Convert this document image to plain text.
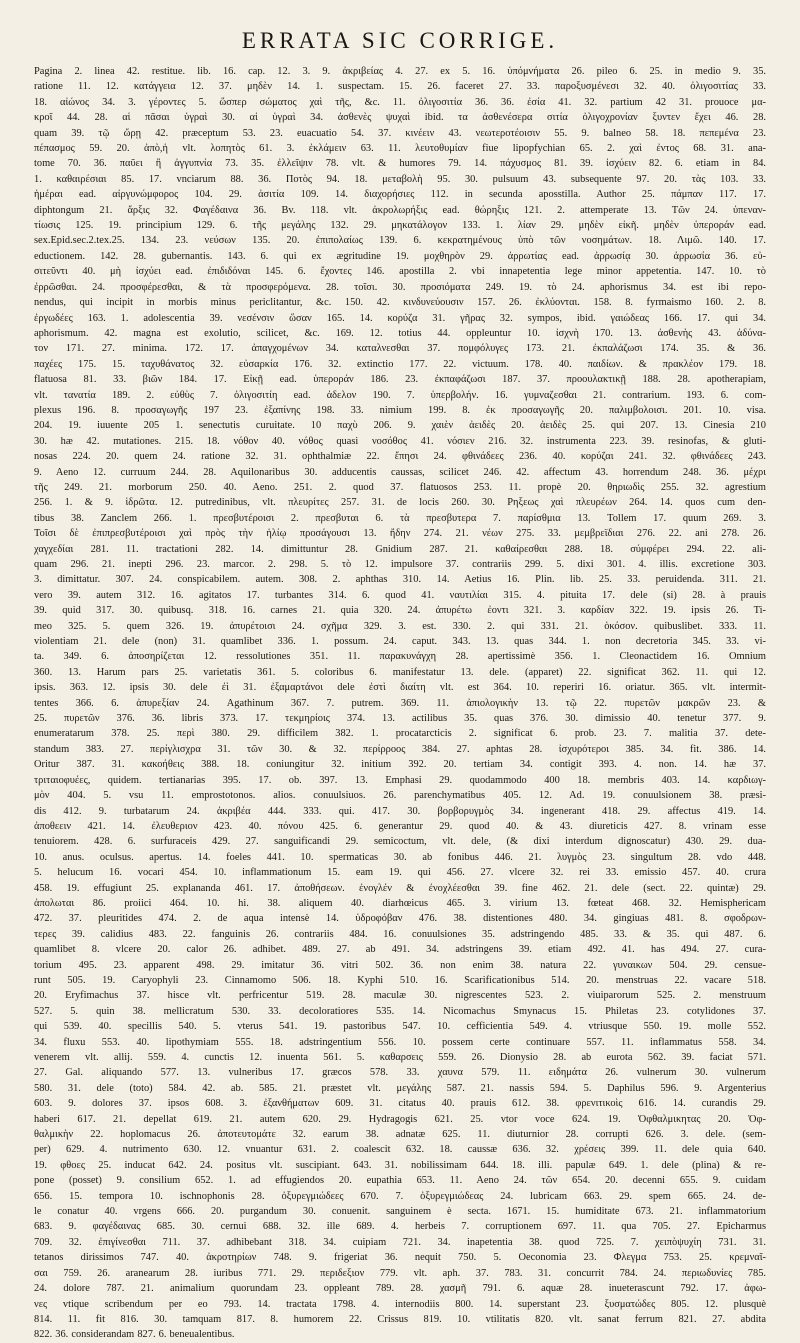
ERRATA SIC CORRIGE.

Pagina 2. linea 42. restitue. lib. 16. cap. 12. 3. 9. ἀκριβείας 4. 27. ex 5. 16. ὑπόμνήματα 26. pileo 6. 25. in medio 9. 35.

ratione 11. 12. κατάγγεια 12. 37. μηδὲν 14. 1. suspectam. 15. 26. faceret 27. 33. παροξυσμένεσι 32. 40. ὀλιγοσιτίας 33.

18. αἰώνος 34. 3. γέροντες 5. ὥσπερ σώματος χαὶ τῆς, &c. 11. ὀλιγοσιτία 36. 36. ἐσία 41. 32. partium 42 31. prouoce μα-

κροῖ 44. 28. αἱ πᾶσαι ὑγραὶ 30. αἱ ὑγραὶ 34. ἀσθενὲς ψυχαὶ ibid. τα ἀσθενέσερα σιτία ὀλιγοχρονίαν ξυντεν ἔχει 46. 28.

quam 39. τῷ ὤρῃ 42. præceptum 53. 23. euacuatio 54. 37. κινέειν 43. νεωτεροτέοισιν 55. 9. balneo 58. 18. πεπεμένα 23.

πέπασμος 59. 20. ἀπὸ,ἡ vlt. λοπητὸς 61. 3. ἐκλάμειν 63. 11. λευτοθυμίαν fiue lipopfychian 65. 2. χαὶ ἐντος 68. 31. ana-

tome 70. 36. παῦει ἢ ἀγγυπνία 73. 35. ἐλλεῖψιν 78. vlt. & humores 79. 14. πάχυσμος 81. 39. ἰσχύειν 82. 6. etiam in 84.

1. καθαιρέσιαι 85. 17. vnciarum 88. 36. Ποτὸς 94. 18. μεταβολὴ 95. 30. pulsuum 43. subsequente 97. 20. τὰς 103. 33.

ἡμέραι ead. αἰργυνώμφορος 104. 29. ἀσιτία 109. 14. διαχορήσιες 112. in secunda aposstilla. Author 25. πάμπαν 117. 17.

diphtongum 21. ἄρξις 32. Φαγέδαινα 36. Bv. 118. vlt. ἀκρολωρήξις ead. θώρηξις 121. 2. attemperate 13. Τῶν 24. ὑπεναν-

τίωσις 125. 19. principium 129. 6. τῆς μεγάλης 132. 29. μηκατάλογον 133. 1. λίαν 29. μηδὲν εἰκῆ. μηδὲν ὑπεροράν ead.

sex.Epid.sec.2.tex.25. 134. 23. νεύσων 135. 20. ἐπιπολαίως 139. 6. κεκρατημένους ὑπὸ τῶν νοσημάτων. 18. Λιμῶ. 140. 17.

eductionem. 142. 28. gubernantis. 143. 6. qui ex ægritudine 19. μοχθηρὸν 29. ἀρρωτίας ead. ἀρρωσίᾳ 30. ἀρρωσία 36. εὐ-

σιτεῦντι 40. μὴ ἰσχύει ead. ἐπιδιδόναι 145. 6. ἔχοντες 146. apostilla 2. vbi innapetentia lege minor appetentia. 147. 10. τὸ

ἐρρῶσθαι. 24. προσφέρεσθαι, & τὰ προσφερόμενα. 28. τοῖσι. 30. προσιόματα 249. 19. τὸ 24. aphorismus 34. est ibi repo-

nendus, qui incipit in morbis minus periclitantur, &c. 150. 42. κινδυνεύουσιν 157. 26. ἐκλύονται. 158. 8. fyrmaismo 160. 2. 8.

ἐργωδέες 163. 1. adolescentia 39. νεσένσιν ὥσαν 165. 14. κορύζα 31. γῆρας 32. sympos, ibid. γαιώδεας 166. 17. qui 34.

aphorismum. 42. magna est exolutio, scilicet, &c. 169. 12. totius 44. oppleuntur 10. ἰσχνὴ 170. 13. ἀσθενὴς 43. ἀδύνα-

τον 171. 27. minima. 172. 17. ἀπαγχομένων 34. καταλνεσθαι 37. πομφόλυγες 173. 21. ἐκπαλάζωσι 174. 35. & 36.

παχέες 175. 15. ταχυθάνατος 32. εὐσαρκία 176. 32. extinctio 177. 22. victuum. 178. 40. παιδίων. & πρακλέον 179. 18.

flatuosa 81. 33. βιῶν 184. 17. Εἰκῇ ead. ὑπεροράν 186. 23. ἐκπαφάζωσι 187. 37. προουλακτικῇ 188. 28. apotherapiam,

vlt. τανατία 189. 2. εὐθὺς 7. ὀλιγοσιτίη ead. ἀδελον 190. 7. ὑπερβολήν. 16. γυμναζεσθαι 21. contrarium. 193. 6. com-

plexus 196. 8. προσαγωγῆς 197 23. ἐξαπίνης 198. 33. nimium 199. 8. ἐκ προσαγωγῆς 20. παλιμβολοισι. 201. 10. visa.

204. 19. iuuente 205 1. senectutis curuitate. 10 παχὺ 206. 9. χαιὲν ἀειδὲς 20. ἀειδὲς 25. qui 207. 13. Cinesia 210

30. hæ 42. mutationes. 215. 18. νόθον 40. νόθος quasi νοσόθος 41. νόσιεν 216. 32. instrumenta 223. 39. resinofas, & gluti-

nosas 224. 20. quem 24. ratione 32. 31. ophthalmiæ 22. ἔπησι 24. φθινάδεες 236. 40. κορύζαι 241. 32. φθινάδεες 243.

9. Aeno 12. curruum 244. 28. Aquilonaribus 30. adducentis caussas, scilicet 246. 42. affectum 43. horrendum 248. 36. μέχρι

τῆς 249. 21. morborum 250. 40. Aeno. 251. 2. quod 37. flatuosos 253. 11. propè 20. θηριωδὶς 255. 32. agrestium

256. 1. & 9. ἱδρῶτα. 12. putredinibus, vlt. πλευρίτες 257. 31. de locis 260. 30. Ρηξεως χαὶ πλευρέων 264. 14. quos cum den-

tibus 38. Zanclem 266. 1. πρεσβυτέροισι 2. πρεσβυται 6. τὰ πρεσβυτερα 7. παρίσθμια 13. Tollem 17. quum 269. 3.

Τοῖσι δὲ ἐπιπρεσβυτέροισι χαὶ πρὸς τὴν ἡλίῳ προσάγουσι 13. ἤδην 274. 21. νέων 275. 33. μεμβρεϊδιαι 276. 22. ani 278. 26.

χαγχεδίαι 281. 11. tractationi 282. 14. dimittuntur 28. Gnidium 287. 21. καθαίρεσθαι 288. 18. σύμφέρει 294. 22. ali-

quam 296. 21. inepti 296. 23. marcor. 2. 298. 5. τὸ 12. impulsore 37. contrariis 299. 5. dixi 301. 4. illis. excretione 303.

3. dimittatur. 307. 24. conspicabilem. autem. 308. 2. aphthas 310. 14. Aetius 16. Plin. lib. 25. 33. peruidenda. 311. 21.

vero 39. autem 312. 16. agitatos 17. turbantes 314. 6. quod 41. ναυτιλίαι 315. 4. pituita 17. dele (si) 28. à prauis

39. quid 317. 30. quibusq. 318. 16. carnes 21. quia 320. 24. ἀπυρέτω ἐοντι 321. 3. καρδίαν 322. 19. ipsis 26. Ti-

meo 325. 5. quem 326. 19. ἀπυρέτοισι 24. σχῆμα 329. 3. est. 330. 2. qui 331. 21. ὁκόσον. quibuslibet. 333. 11.

violentiam 21. dele (non) 31. quamlibet 336. 1. possum. 24. caput. 343. 13. quas 344. 1. non decretoria 345. 33. vi-

ta. 349. 6. ἀποσηρίζεται 12. ressolutiones 351. 11. παρακυνάγχη 28. apertissimè 356. 1. Cleonactidem 16. Omnium

360. 13. Harum pars 25. varietatis 361. 5. coloribus 6. manifestatur 13. dele. (apparet) 22. significat 362. 11. qui 12.

ipsis. 363. 12. ipsis 30. dele ἐὶ 31. ἐξαμαρτάνοι dele ἐστὶ διαίτη vlt. est 364. 10. reperiri 16. oriatur. 365. vlt. intermit-

tentes 366. 6. ἀπυρεξίαν 24. Agathinum 367. 7. putrem. 369. 11. ἀπιολογικὴν 13. τῷ 22. πυρετῶν μακρῶν 23. &

25. πυρετῶν 376. 36. libris 373. 17. τεκμηρίοις 374. 13. actilibus 35. quas 376. 30. dimissio 40. tenetur 377. 9.

enumeratarum 378. 25. περὶ 380. 29. difficilem 382. 1. procatarcticis 2. significat 6. prob. 23. 7. malitia 37. dete-

standum 383. 27. περίγλισχρα 31. τῶν 30. & 32. περίρροος 384. 27. aphtas 28. ἰσχυρότεροι 385. 34. fit. 386. 14.

Oritur 387. 31. κακοήθεις 388. 18. coniungitur 32. initium 392. 20. tertiam 34. contigit 393. 4. non. 14. hæ 37.

τριταιοφυέες, quidem. tertianarias 395. 17. ob. 397. 13. Emphasi 29. quodammodo 400 18. membris 403. 14. καρδιωγ-

μὸν 404. 5. vsu 11. emprostotonos. alios. conuulsiuos. 26. parenchymatibus 405. 12. Ad. 19. conuulsionem 38. præsi-

dis 412. 9. turbatarum 24. ἀκριβέα 444. 333. qui. 417. 30. βορβορυγμὸς 34. ingenerant 418. 29. affectus 419. 14.

ἀποθεειν 421. 14. ἐλευθεριον 423. 40. πόνου 425. 6. generantur 29. quod 40. & 43. diureticis 427. 8. vrinam esse

tenuiorem. 428. 6. surfuraceis 429. 27. sanguificandi 29. semicoctum, vlt. dele, (& dixi interdum dignoscatur) 430. 29. dua-

10. anus. oculsus. apertus. 14. foeles 441. 10. spermaticas 30. ab fonibus 446. 21. λυγμὸς 23. singultum 28. vdo 448.

5. helucum 16. vocari 454. 10. inflammationum 15. eam 19. qui 456. 27. vlcere 32. rei 33. emissio 457. 40. crura

458. 19. effugiunt 25. explananda 461. 17. ἀποθήσεων. ἐνογλέν & ἐνοχλέεσθαι 39. fine 462. 21. dele (sect. 22. quintæ) 29.

ἀπολωται 86. proiici 464. 10. hi. 38. aliquem 40. diarhœicus 465. 3. virium 13. fœteat 468. 32. Hemisphericam

472. 37. pleuritides 474. 2. de aqua intensè 14. ὑδροφόβαν 476. 38. distentiones 480. 34. gingiuas 481. 8. σφοδρων-

τερες 39. calidius 483. 22. fanguinis 26. contrariis 484. 16. conuulsiones 35. adstringendo 485. 33. & 35. qui 487. 6.

quamlibet 8. vlcere 20. calor 26. adhibet. 489. 27. ab 491. 34. adstringens 39. etiam 492. 41. has 494. 27. cura-

torium 495. 23. apparent 498. 29. imitatur 36. vitri 502. 36. non enim 38. natura 22. γυναικων 504. 29. censue-

runt 505. 19. Caryophyli 23. Cinnamomo 506. 18. Kyphi 510. 16. Scarificationibus 514. 20. menstruas 22. vacare 518.

20. Eryfimachus 37. hisce vlt. perfricentur 519. 28. maculæ 30. nigrescentes 523. 2. viuiparorum 525. 2. menstruum

527. 5. quin 38. mellicratum 530. 33. decoloratiores 535. 14. Nicomachus Smynacus 15. Philetas 23. cotylidones 37.

qui 539. 40. specillis 540. 5. vterus 541. 19. pastoribus 547. 10. cefficientia 549. 4. vtriusque 550. 19. molle 552.

34. fluxu 553. 40. lipothymiam 555. 18. adstringentium 556. 10. possem certe continuare 557. 11. inflammatus 558. 34.

venerem vlt. allij. 559. 4. cunctis 12. inuenta 561. 5. καθαρσεις 559. 26. Dionysio 28. ab eurota 562. 39. faciat 571.

27. Gal. aliquando 577. 13. vulneribus 17. græcos 578. 33. χαυνα 579. 11. ειδημάτα 26. vulnerum 30. vulnerum

580. 31. dele (toto) 584. 42. ab. 585. 21. præstet vlt. μεγάλης 587. 21. nassis 594. 5. Daphilus 596. 9. Argenterius

603. 9. dolores 37. ipsos 608. 3. ἐξανθήματων 609. 31. citatus 40. prauis 612. 38. φρενιτικοὶς 616. 14. curandis 29.

haberi 617. 21. depellat 619. 21. autem 620. 29. Hydragogis 621. 25. vtor voce 624. 19. Ὀφθαλμικητας 20. Ὀφ-

θαλμικὴν 22. hoplomacus 26. ἀποτευτομάτε 32. earum 38. adnatæ 625. 11. diuturnior 28. corrupti 626. 3. dele. (sem-

per) 629. 4. nutrimento 630. 12. vnuantur 631. 2. coalescit 632. 18. caussæ 636. 32. χρέσεις 399. 11. dele quia 640.

19. φθοες 25. inducat 642. 24. positus vlt. suscipiant. 643. 31. nobilissimam 644. 18. illi. papulæ 649. 1. dele (plina) & re-

pone (posset) 9. consilium 652. 1. ad effugiendos 20. eupathia 653. 11. Aeno 24. τῶν 654. 20. decenni 655. 9. cuidam

656. 15. tempora 10. ischnophonis 28. ὀξυρεγμιώδεες 670. 7. ὀξυρεγμιώδεας 24. lubricam 663. 29. spem 665. 24. de-

le conatur 40. vrgens 666. 20. purgandum 30. conuenit. sanguinem è secta. 1671. 15. humiditate 673. 21. inflammatorium

683. 9. φαγέδαινας 685. 30. cernui 688. 32. ille 689. 4. herbeis 7. corruptionem 697. 11. qua 705. 27. Epicharmus

709. 32. ἐπιγίνεσθαι 711. 37. adhibebant 318. 34. cuipiam 721. 34. inapetentia 38. quod 725. 7. χειπὸψυχίη 731. 31.

tetanos dirissimos 747. 40. ἀκροτηρίων 748. 9. frigeriat 36. nequit 750. 5. Oeconomia 23. Φλεγμα 753. 25. κρεμναῖ-

σαι 759. 26. aranearum 28. iuribus 771. 29. περιδεξιον 779. vlt. aph. 37. 783. 31. concurrit 784. 24. περιωδυνίες 785.

24. dolore 787. 21. animalium quorundam 23. oppleant 789. 28. χασμῆ 791. 6. aquæ 28. inueterascunt 792. 17. ἀφω-

νες vtique scribendum per eo 793. 14. tractata 1798. 4. internodiis 800. 14. superstant 23. ξυσματώδες 805. 12. plusquè

814. 11. fit 816. 30. tamquam 817. 8. humorem 22. Crissus 819. 10. vtilitatis 820. vlt. sanat ferrum 821. 27. abdita

822. 36. considerandam 827. 6. beneualentibus.
